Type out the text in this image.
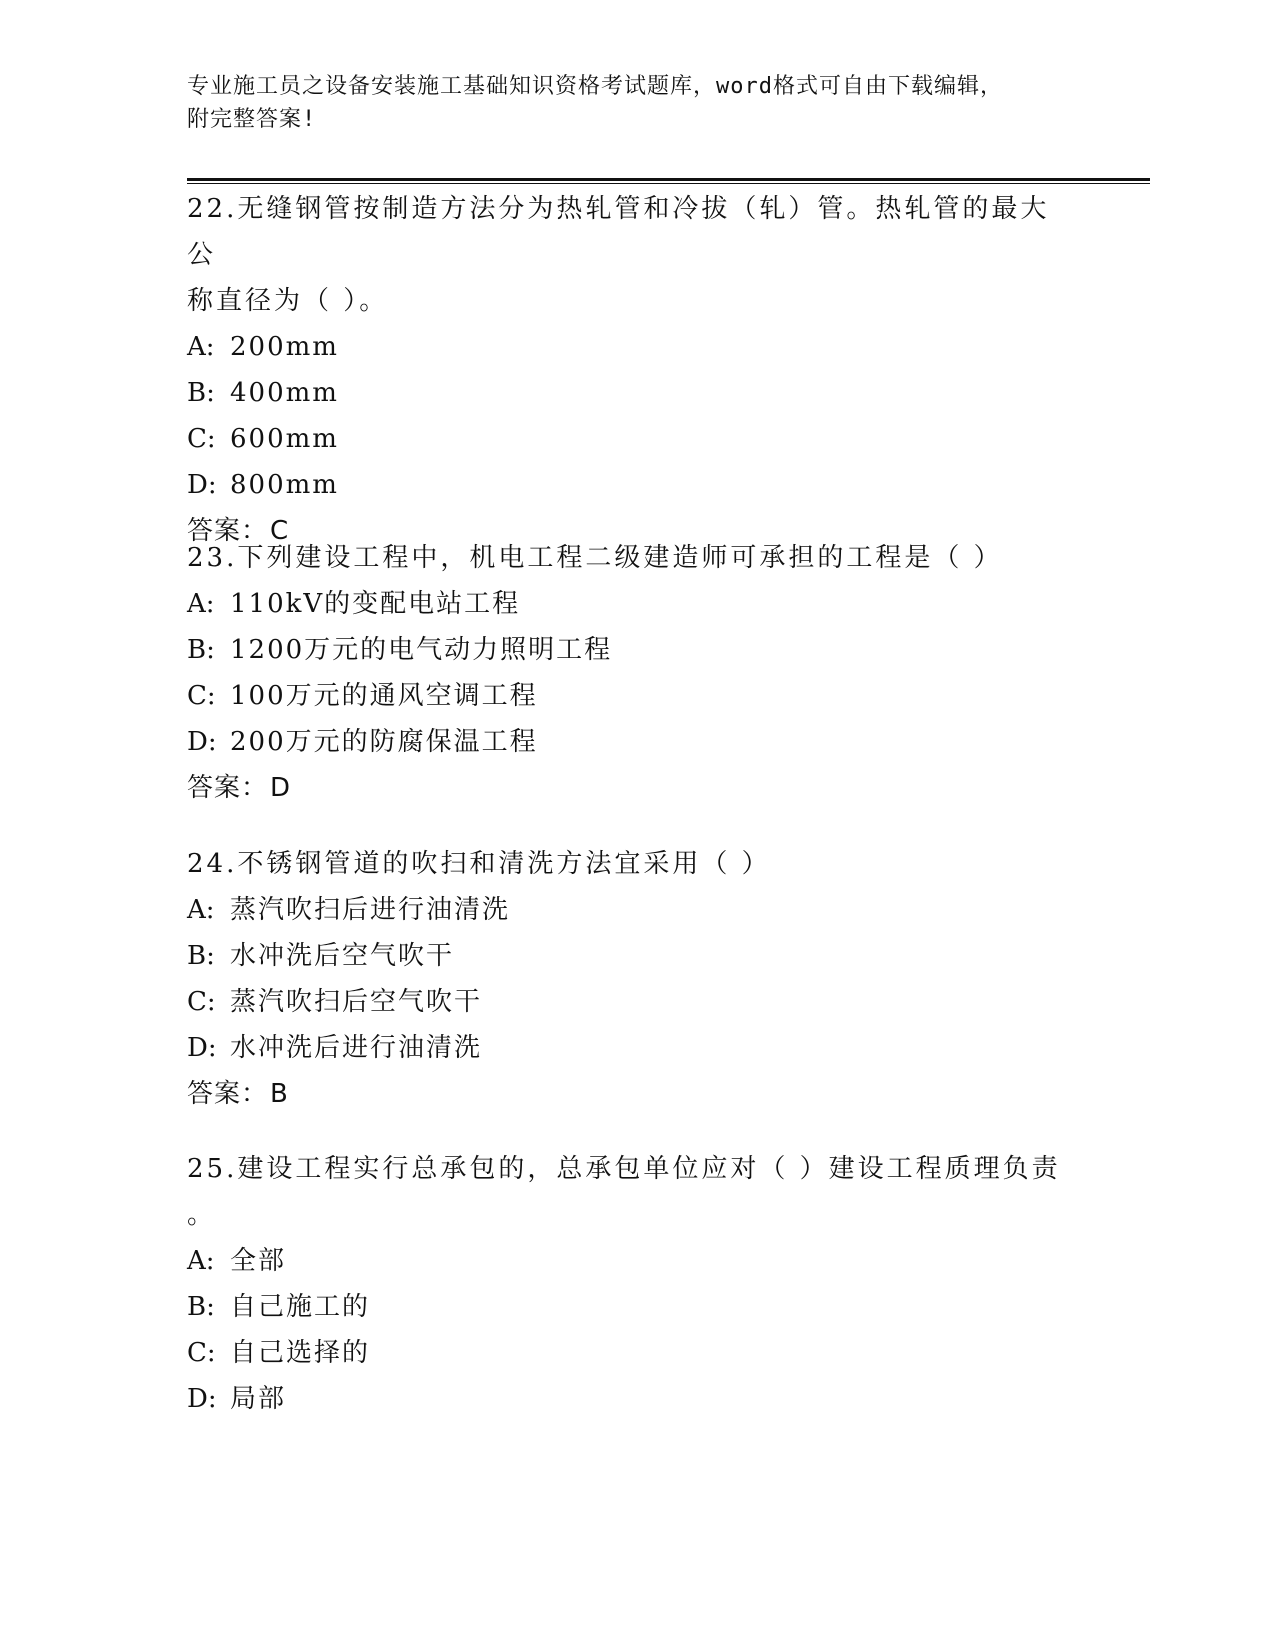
专业施工员之设备安装施工基础知识资格考试题库，word格式可自由下载编辑，
附完整答案!

22.无缝钢管按制造方法分为热轧管和冷拔（轧）管。热轧管的最大公

称直径为（ ）。

A: 200mm
B: 400mm
C: 600mm
D: 800mm
答案：C

23.下列建设工程中，机电工程二级建造师可承担的工程是（ ）

A: 110kV的变配电站工程
B: 1200万元的电气动力照明工程
C: 100万元的通风空调工程
D: 200万元的防腐保温工程
答案：D

24.不锈钢管道的吹扫和清洗方法宜采用（ ）

A: 蒸汽吹扫后进行油清洗
B: 水冲洗后空气吹干
C: 蒸汽吹扫后空气吹干
D: 水冲洗后进行油清洗
答案：B

25.建设工程实行总承包的，总承包单位应对（ ）建设工程质理负责

。

A: 全部
B: 自己施工的
C: 自己选择的
D: 局部
